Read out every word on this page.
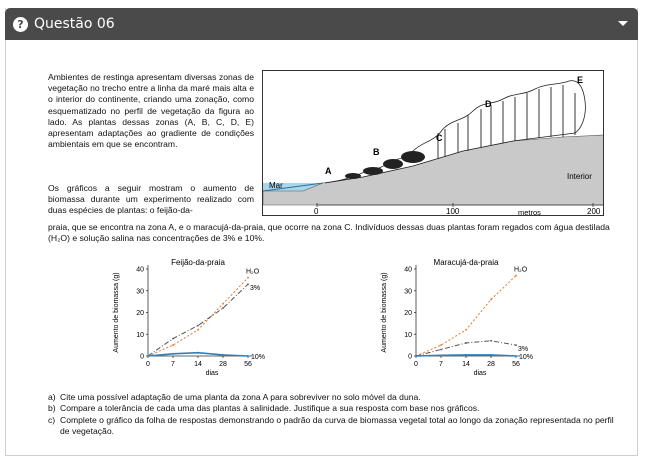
? Questão 06
Ambientes de restinga apresentam diversas zonas de vegetação no trecho entre a linha da maré mais alta e o interior do continente, criando uma zonação, como esquematizado no perfil de vegetação da figura ao lado. As plantas dessas zonas (A, B, C, D, E) apresentam adaptações ao gradiente de condições ambientais em que se encontram.
Os gráficos a seguir mostram o aumento de biomassa durante um experimento realizado com duas espécies de plantas: o feijão-da-
praia, que se encontra na zona A, e o maracujá-da-praia, que ocorre na zona C. Indivíduos dessas duas plantas foram regados com água destilada (H₂O) e solução salina nas concentrações de 3% e 10%.
A
B
C
D
E
Mar
Interior
0	100	200
metros
Feijão-da-praia
Aumento de biomassa (g)
0
10
20
30
40
0	7	14 28 56
dias
H₂O
3%
10%
Maracujá-da-praia
Aumento de biomassa (g)
0
10
20
30
40
0	7	14 28 56
dias
H₂O
3%
10%
a) Cite uma possível adaptação de uma planta da zona A para sobreviver no solo móvel da duna.
b) Compare a tolerância de cada uma das plantas à salinidade. Justifique a sua resposta com base nos gráficos.
c) Complete o gráfico da folha de respostas demonstrando o padrão da curva de biomassa vegetal total ao longo da zonação representada no perfil de vegetação.
